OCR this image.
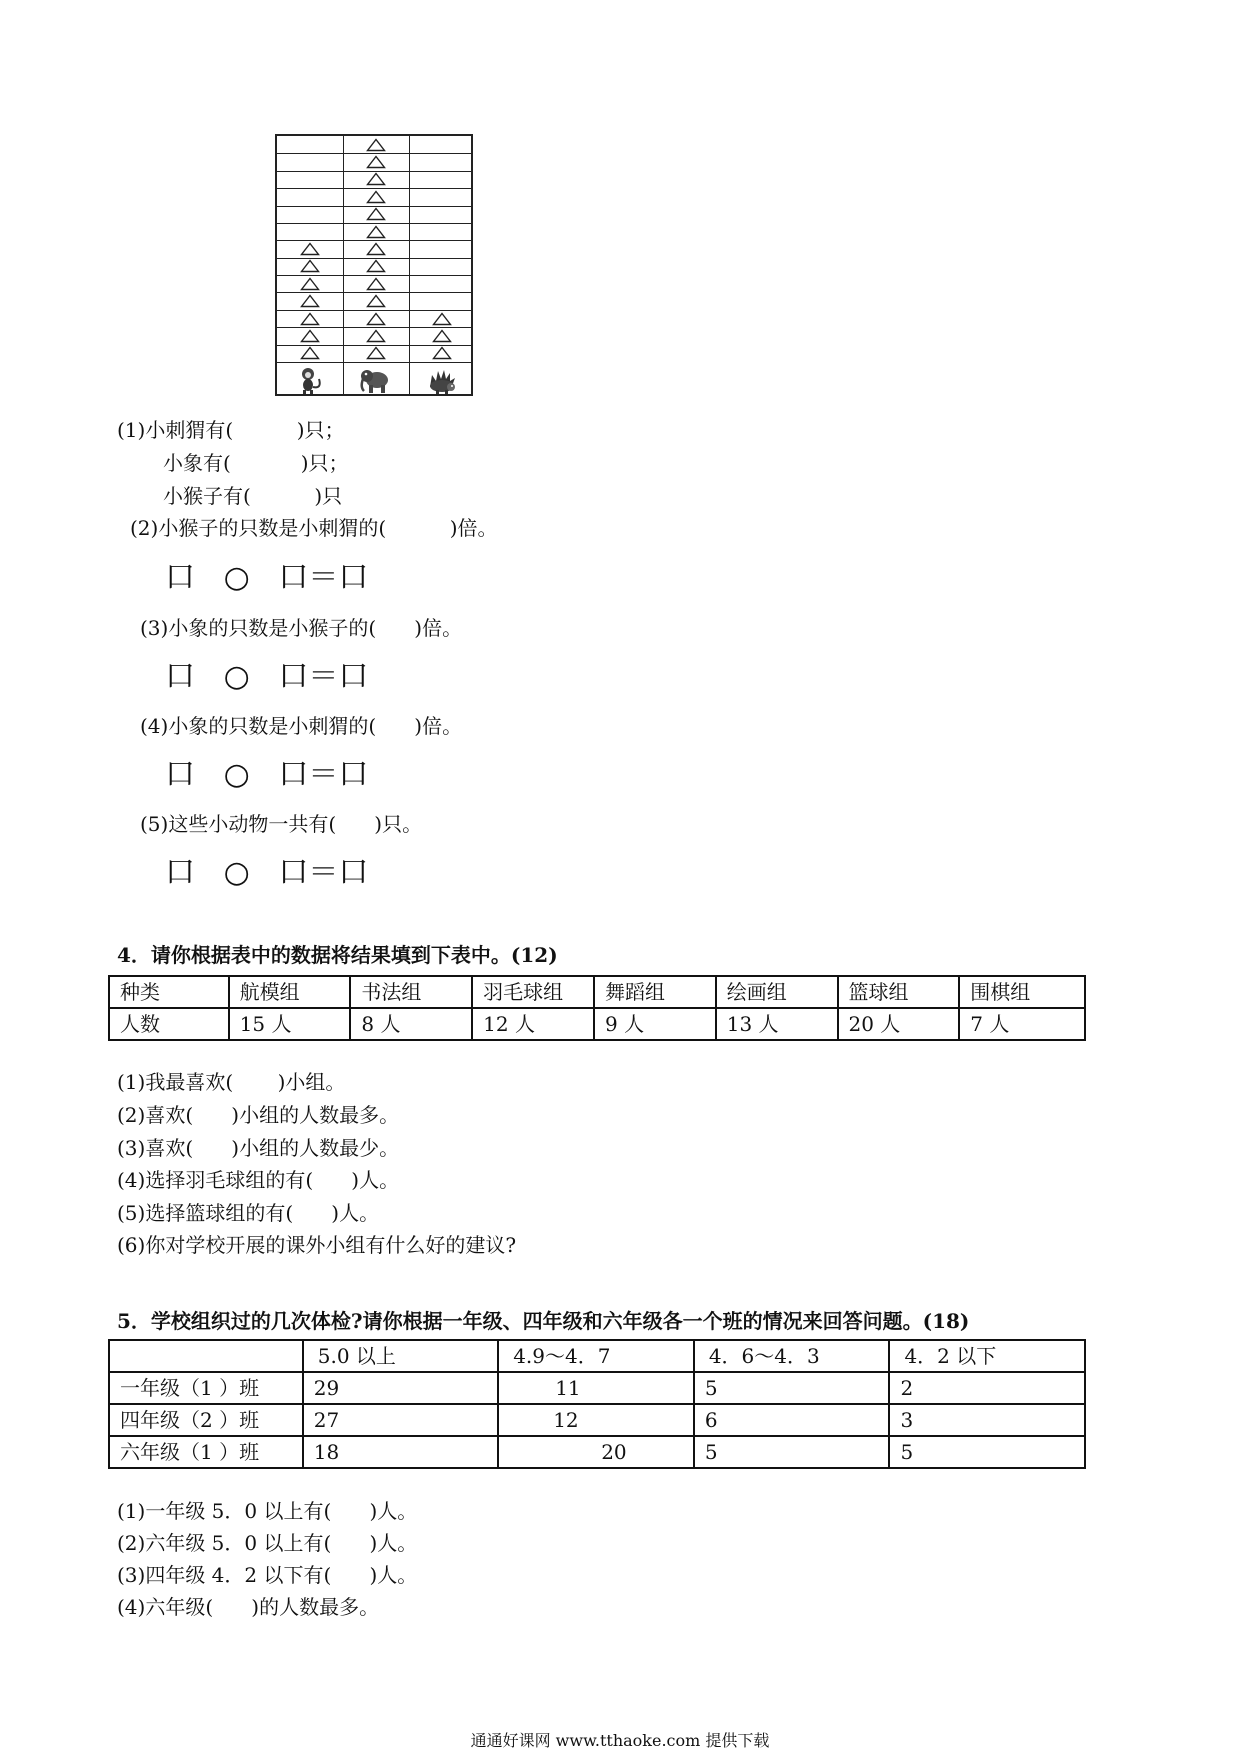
(1)小刺猬有(          )只；
小象有(           )只；
小猴子有(          )只
(2)小猴子的只数是小刺猬的(          )倍。
口   ○   口＝口
(3)小象的只数是小猴子的(      )倍。
口   ○   口＝口
(4)小象的只数是小刺猬的(      )倍。
口   ○   口＝口
(5)这些小动物一共有(      )只。
口   ○   口＝口
4．请你根据表中的数据将结果填到下表中。(12)
种类	航模组	书法组	羽毛球组	舞蹈组	绘画组	篮球组	围棋组
人数	15 人	8 人	12 人	9 人	13 人	20 人	7 人
(1)我最喜欢(       )小组。
(2)喜欢(      )小组的人数最多。
(3)喜欢(      )小组的人数最少。
(4)选择羽毛球组的有(      )人。
(5)选择篮球组的有(      )人。
(6)你对学校开展的课外小组有什么好的建议?
5．学校组织过的几次体检?请你根据一年级、四年级和六年级各一个班的情况来回答问题。(18)
	5.0 以上	4.9～4．7	4．6～4．3	4．2 以下
一年级（1 ）班	29	11	5	2
四年级（2 ）班	27	12	6	3
六年级（1 ）班	18	20	5	5
(1)一年级 5．0 以上有(      )人。
(2)六年级 5．0 以上有(      )人。
(3)四年级 4．2 以下有(      )人。
(4)六年级(      )的人数最多。
通通好课网 www.tthaoke.com 提供下载
